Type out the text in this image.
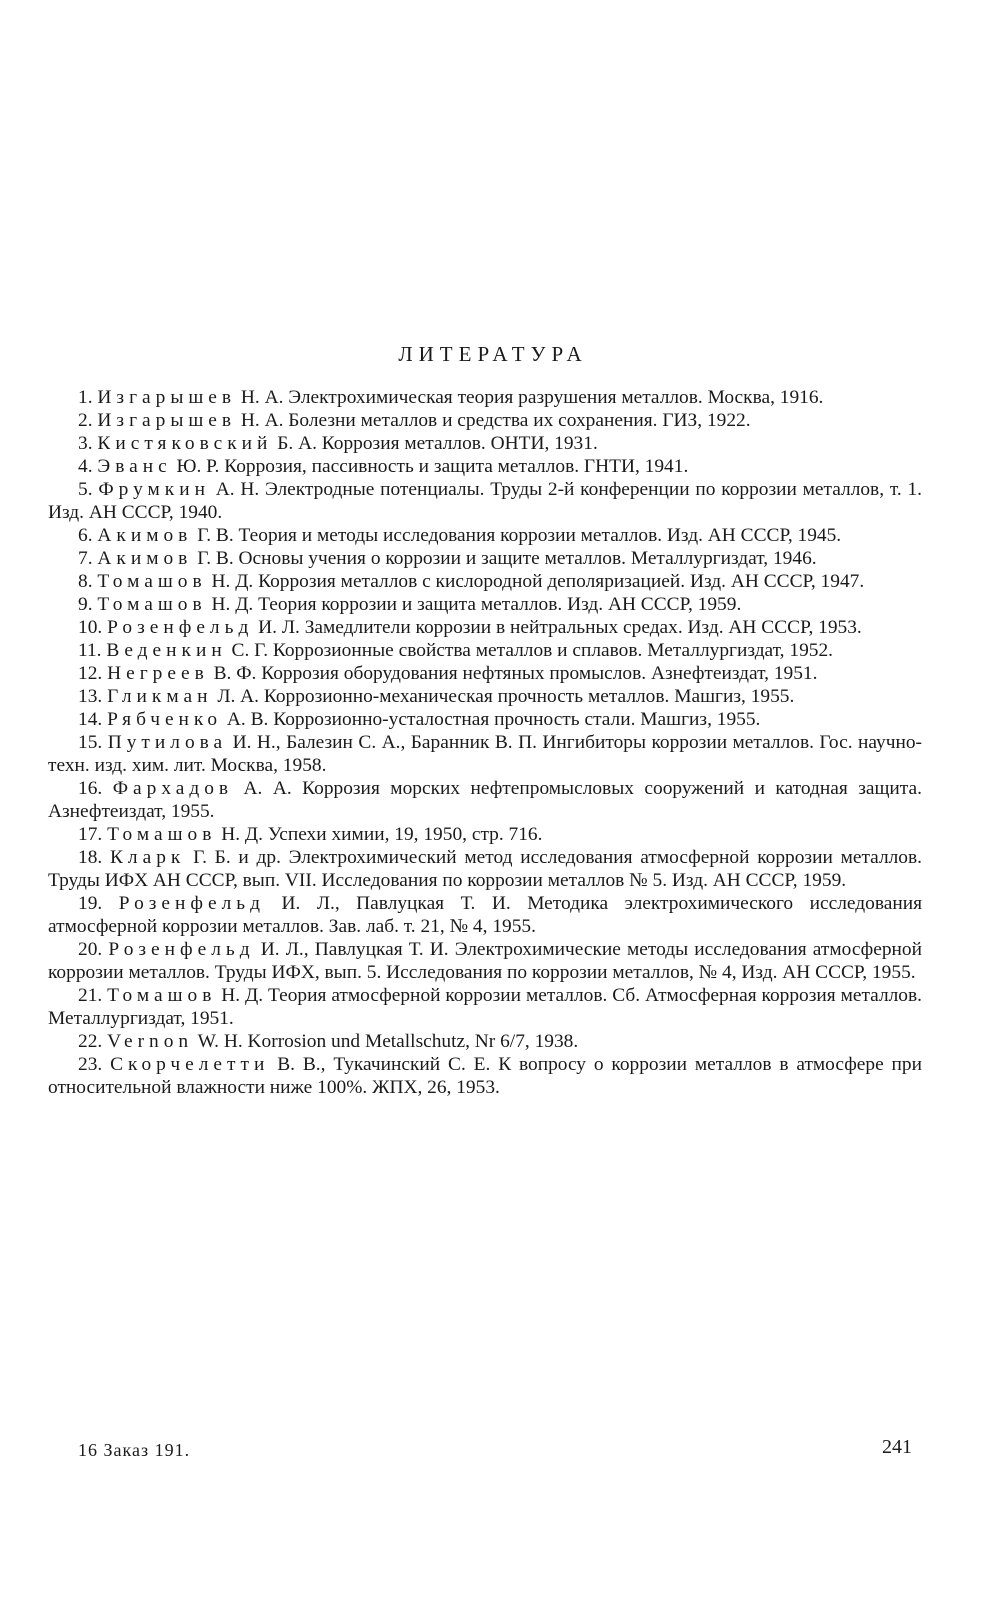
ЛИТЕРАТУРА

1. Изгарышев Н. А. Электрохимическая теория разрушения металлов. Москва, 1916.

2. Изгарышев Н. А. Болезни металлов и средства их сохранения. ГИЗ, 1922.

3. Кистяковский Б. А. Коррозия металлов. ОНТИ, 1931.

4. Эванс Ю. Р. Коррозия, пассивность и защита металлов. ГНТИ, 1941.

5. Фрумкин А. Н. Электродные потенциалы. Труды 2-й конференции по коррозии металлов, т. 1. Изд. АН СССР, 1940.

6. Акимов Г. В. Теория и методы исследования коррозии металлов. Изд. АН СССР, 1945.

7. Акимов Г. В. Основы учения о коррозии и защите металлов. Металлургиздат, 1946.

8. Томашов Н. Д. Коррозия металлов с кислородной деполяризацией. Изд. АН СССР, 1947.

9. Томашов Н. Д. Теория коррозии и защита металлов. Изд. АН СССР, 1959.

10. Розенфельд И. Л. Замедлители коррозии в нейтральных средах. Изд. АН СССР, 1953.

11. Веденкин С. Г. Коррозионные свойства металлов и сплавов. Металлургиздат, 1952.

12. Негреев В. Ф. Коррозия оборудования нефтяных промыслов. Азнефтеиздат, 1951.

13. Гликман Л. А. Коррозионно-механическая прочность металлов. Машгиз, 1955.

14. Рябченко А. В. Коррозионно-усталостная прочность стали. Машгиз, 1955.

15. Путилова И. Н., Балезин С. А., Баранник В. П. Ингибиторы коррозии металлов. Гос. научно-техн. изд. хим. лит. Москва, 1958.

16. Фархадов А. А. Коррозия морских нефтепромысловых сооружений и катодная защита. Азнефтеиздат, 1955.

17. Томашов Н. Д. Успехи химии, 19, 1950, стр. 716.

18. Кларк Г. Б. и др. Электрохимический метод исследования атмосферной коррозии металлов. Труды ИФХ АН СССР, вып. VII. Исследования по коррозии металлов № 5. Изд. АН СССР, 1959.

19. Розенфельд И. Л., Павлуцкая Т. И. Методика электрохимического исследования атмосферной коррозии металлов. Зав. лаб. т. 21, № 4, 1955.

20. Розенфельд И. Л., Павлуцкая Т. И. Электрохимические методы исследования атмосферной коррозии металлов. Труды ИФХ, вып. 5. Исследования по коррозии металлов, № 4, Изд. АН СССР, 1955.

21. Томашов Н. Д. Теория атмосферной коррозии металлов. Сб. Атмосферная коррозия металлов. Металлургиздат, 1951.

22. Vernon W. H. Korrosion und Metallschutz, Nr 6/7, 1938.

23. Скорчелетти В. В., Тукачинский С. Е. К вопросу о коррозии металлов в атмосфере при относительной влажности ниже 100%. ЖПХ, 26, 1953.

16 Заказ 191.	241
